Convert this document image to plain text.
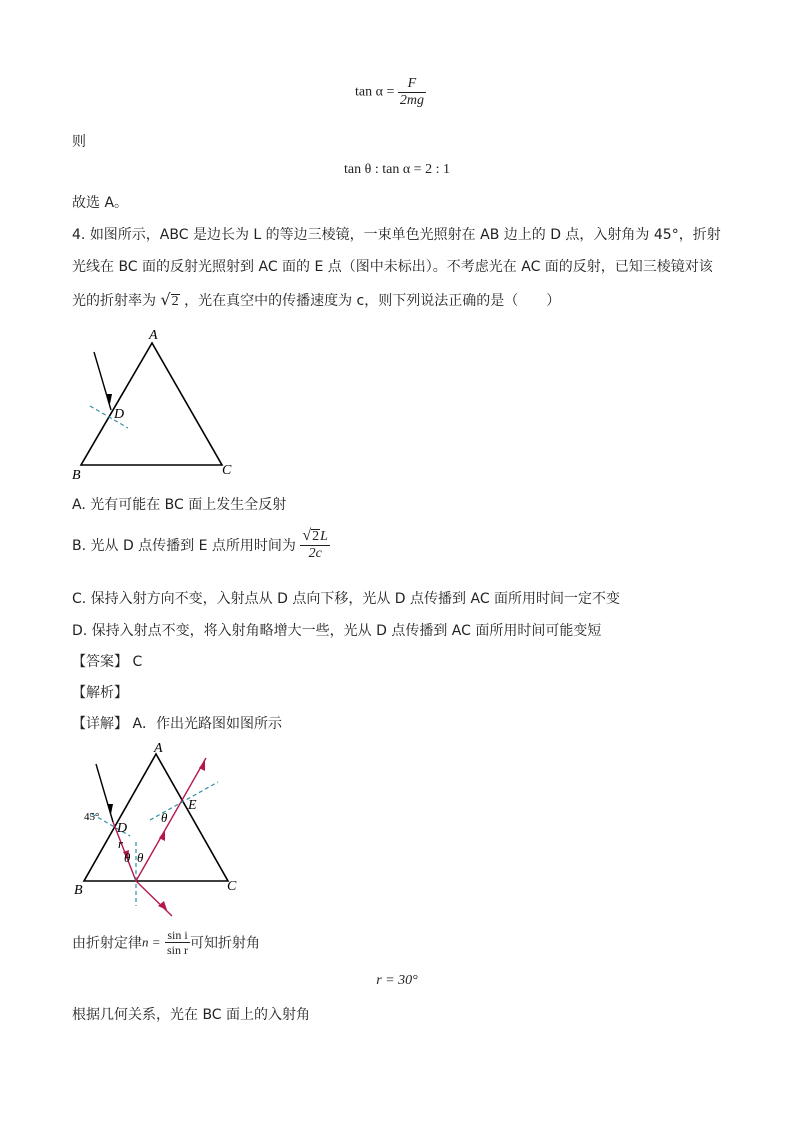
$\tan \alpha = \frac{F}{2mg}$
则
tan θ : tan α = 2 : 1
故选 A。
4. 如图所示，ABC 是边长为 L 的等边三棱镜，一束单色光照射在 AB 边上的 D 点，入射角为 45°，折射
光线在 BC 面的反射光照射到 AC 面的 E 点（图中未标出）。不考虑光在 AC 面的反射，已知三棱镜对该
光的折射率为 √2 ，光在真空中的传播速度为 c，则下列说法正确的是（　　）
A
B	C
D
A. 光有可能在 BC 面上发生全反射
B. 光从 D 点传播到 E 点所用时间为 $\frac{√2L}{2c}$
C. 保持入射方向不变，入射点从 D 点向下移，光从 D 点传播到 AC 面所用时间一定不变
D. 保持入射点不变，将入射角略增大一些，光从 D 点传播到 AC 面所用时间可能变短
【答案】 C
【解析】
【详解】 A．作出光路图如图所示
A
B	C
D
E
45°
r
θ θ
θ
由折射定律$n = \frac{\text{sin i}}{\text{sin r}}$ 可知折射角
r = 30°
根据几何关系，光在 BC 面上的入射角
